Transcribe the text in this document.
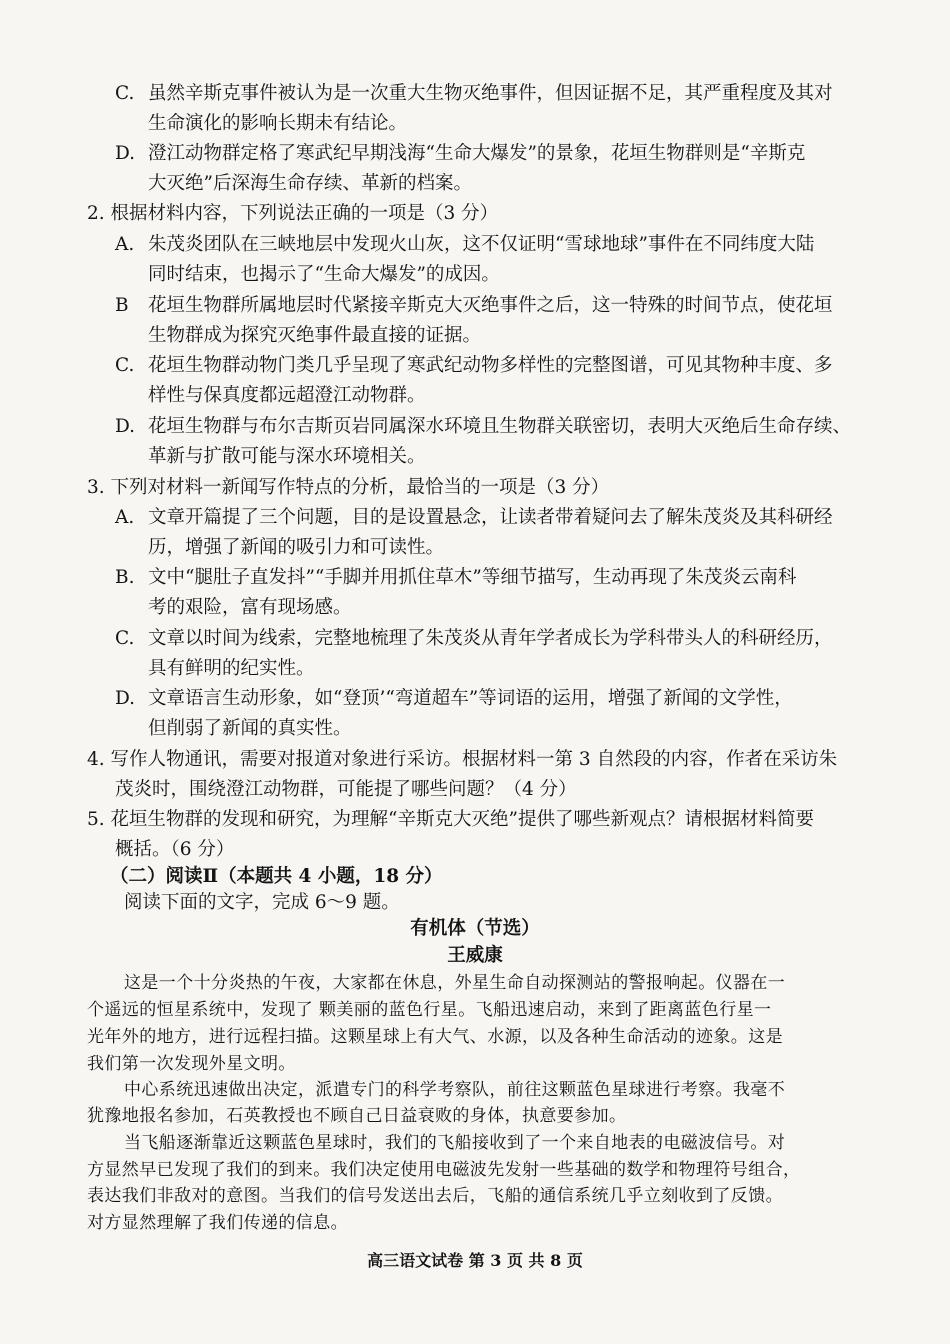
C. 虽然辛斯克事件被认为是一次重大生物灭绝事件，但因证据不足，其严重程度及其对
生命演化的影响长期未有结论。
D. 澄江动物群定格了寒武纪早期浅海“生命大爆发”的景象，花垣生物群则是“辛斯克
大灭绝”后深海生命存续、革新的档案。
2. 根据材料内容，下列说法正确的一项是（3 分）
A. 朱茂炎团队在三峡地层中发现火山灰，这不仅证明“雪球地球”事件在不同纬度大陆
同时结束，也揭示了“生命大爆发”的成因。
B 花垣生物群所属地层时代紧接辛斯克大灭绝事件之后，这一特殊的时间节点，使花垣
生物群成为探究灭绝事件最直接的证据。
C. 花垣生物群动物门类几乎呈现了寒武纪动物多样性的完整图谱，可见其物种丰度、多
样性与保真度都远超澄江动物群。
D. 花垣生物群与布尔吉斯页岩同属深水环境且生物群关联密切，表明大灭绝后生命存续、
革新与扩散可能与深水环境相关。
3. 下列对材料一新闻写作特点的分析，最恰当的一项是（3 分）
A. 文章开篇提了三个问题，目的是设置悬念，让读者带着疑问去了解朱茂炎及其科研经
历，增强了新闻的吸引力和可读性。
B. 文中“腿肚子直发抖”“手脚并用抓住草木”等细节描写，生动再现了朱茂炎云南科
考的艰险，富有现场感。
C. 文章以时间为线索，完整地梳理了朱茂炎从青年学者成长为学科带头人的科研经历，
具有鲜明的纪实性。
D. 文章语言生动形象，如“登顶’“弯道超车”等词语的运用，增强了新闻的文学性，
但削弱了新闻的真实性。
4. 写作人物通讯，需要对报道对象进行采访。根据材料一第 3 自然段的内容，作者在采访朱
茂炎时，围绕澄江动物群，可能提了哪些问题？（4 分）
5. 花垣生物群的发现和研究，为理解“辛斯克大灭绝”提供了哪些新观点？请根据材料简要
概括。（6 分）
（二）阅读Ⅱ（本题共 4 小题，18 分）
阅读下面的文字，完成 6～9 题。
有机体（节选）
王威康
这是一个十分炎热的午夜，大家都在休息，外星生命自动探测站的警报响起。仪器在一
个遥远的恒星系统中，发现了 颗美丽的蓝色行星。飞船迅速启动，来到了距离蓝色行星一
光年外的地方，进行远程扫描。这颗星球上有大气、水源，以及各种生命活动的迹象。这是
我们第一次发现外星文明。
中心系统迅速做出决定，派遣专门的科学考察队，前往这颗蓝色星球进行考察。我毫不
犹豫地报名参加，石英教授也不顾自己日益衰败的身体，执意要参加。
当飞船逐渐靠近这颗蓝色星球时，我们的飞船接收到了一个来自地表的电磁波信号。对
方显然早已发现了我们的到来。我们决定使用电磁波先发射一些基础的数学和物理符号组合，
表达我们非敌对的意图。当我们的信号发送出去后，飞船的通信系统几乎立刻收到了反馈。
对方显然理解了我们传递的信息。
高三语文试卷 第 3 页 共 8 页
